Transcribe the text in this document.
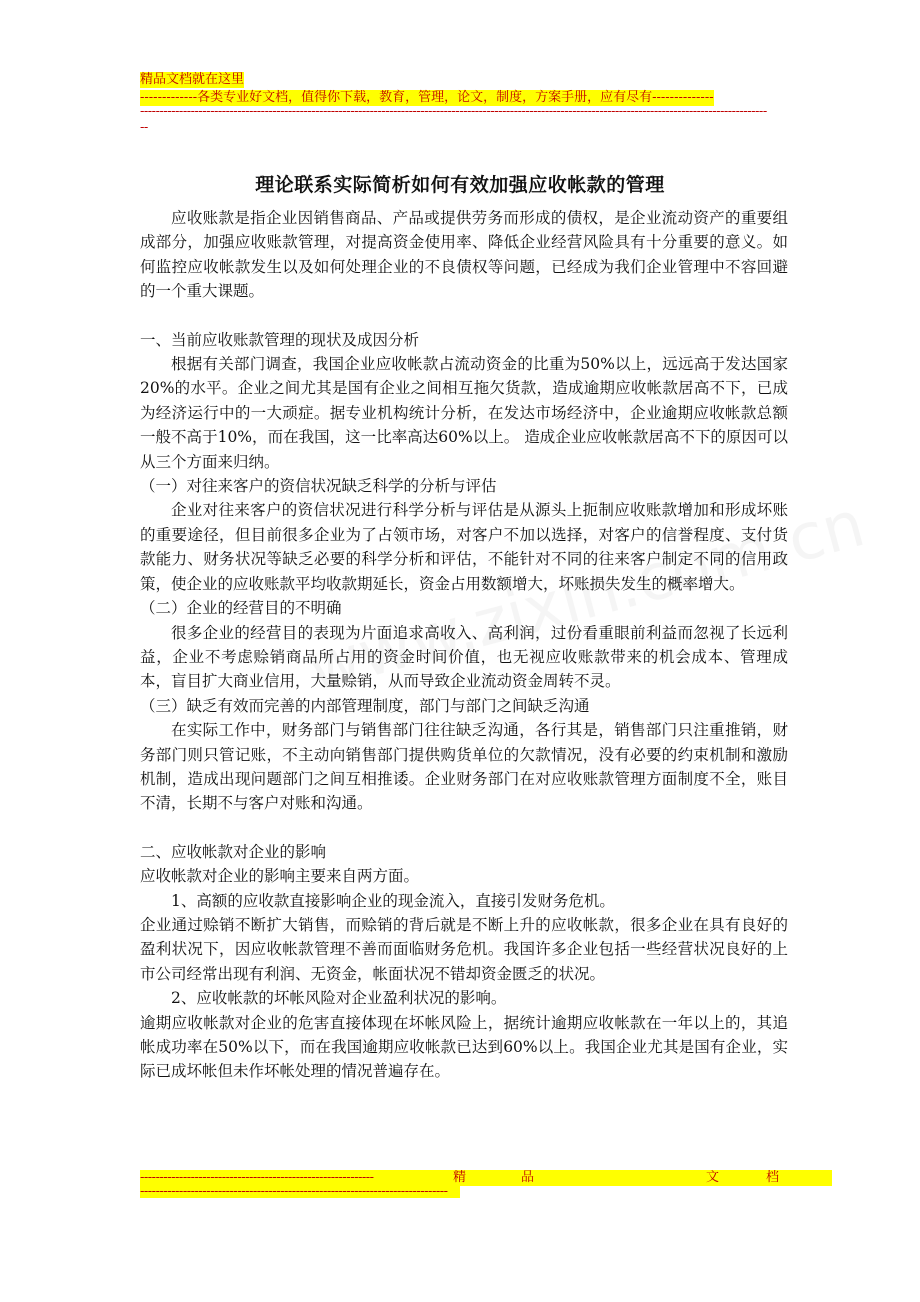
精品文档就在这里
-------------各类专业好文档，值得你下载，教育，管理，论文，制度，方案手册，应有尽有--------------
-----------------------------------------------------------------------------------------------------------------------------------------------------------------
--
理论联系实际简析如何有效加强应收帐款的管理

应收账款是指企业因销售商品、产品或提供劳务而形成的债权，是企业流动资产的重要组成部分，加强应收账款管理，对提高资金使用率、降低企业经营风险具有十分重要的意义。如何监控应收帐款发生以及如何处理企业的不良债权等问题，已经成为我们企业管理中不容回避的一个重大课题。

一、当前应收账款管理的现状及成因分析

根据有关部门调查，我国企业应收帐款占流动资金的比重为50%以上，远远高于发达国家20%的水平。企业之间尤其是国有企业之间相互拖欠货款，造成逾期应收帐款居高不下，已成为经济运行中的一大顽症。据专业机构统计分析，在发达市场经济中，企业逾期应收帐款总额一般不高于10%，而在我国，这一比率高达60%以上。 造成企业应收帐款居高不下的原因可以从三个方面来归纳。

（一）对往来客户的资信状况缺乏科学的分析与评估

企业对往来客户的资信状况进行科学分析与评估是从源头上扼制应收账款增加和形成坏账的重要途径，但目前很多企业为了占领市场，对客户不加以选择，对客户的信誉程度、支付货款能力、财务状况等缺乏必要的科学分析和评估，不能针对不同的往来客户制定不同的信用政策，使企业的应收账款平均收款期延长，资金占用数额增大，坏账损失发生的概率增大。

（二）企业的经营目的不明确

很多企业的经营目的表现为片面追求高收入、高利润，过份看重眼前利益而忽视了长远利益，企业不考虑赊销商品所占用的资金时间价值，也无视应收账款带来的机会成本、管理成本，盲目扩大商业信用，大量赊销，从而导致企业流动资金周转不灵。

（三）缺乏有效而完善的内部管理制度，部门与部门之间缺乏沟通

在实际工作中，财务部门与销售部门往往缺乏沟通，各行其是，销售部门只注重推销，财务部门则只管记账，不主动向销售部门提供购货单位的欠款情况，没有必要的约束机制和激励机制，造成出现问题部门之间互相推诿。企业财务部门在对应收账款管理方面制度不全，账目不清，长期不与客户对账和沟通。

二、应收帐款对企业的影响

应收帐款对企业的影响主要来自两方面。

1、高额的应收款直接影响企业的现金流入，直接引发财务危机。

企业通过赊销不断扩大销售，而赊销的背后就是不断上升的应收帐款，很多企业在具有良好的盈利状况下，因应收帐款管理不善而面临财务危机。我国许多企业包括一些经营状况良好的上市公司经常出现有利润、无资金，帐面状况不错却资金匮乏的状况。

2、应收帐款的坏帐风险对企业盈利状况的影响。

逾期应收帐款对企业的危害直接体现在坏帐风险上，据统计逾期应收帐款在一年以上的，其追帐成功率在50%以下，而在我国逾期应收帐款已达到60%以上。我国企业尤其是国有企业，实际已成坏帐但未作坏帐处理的情况普遍存在。

------------------------------------------------------------	精	品	文	档
-------------------------------------------------------------------------------
